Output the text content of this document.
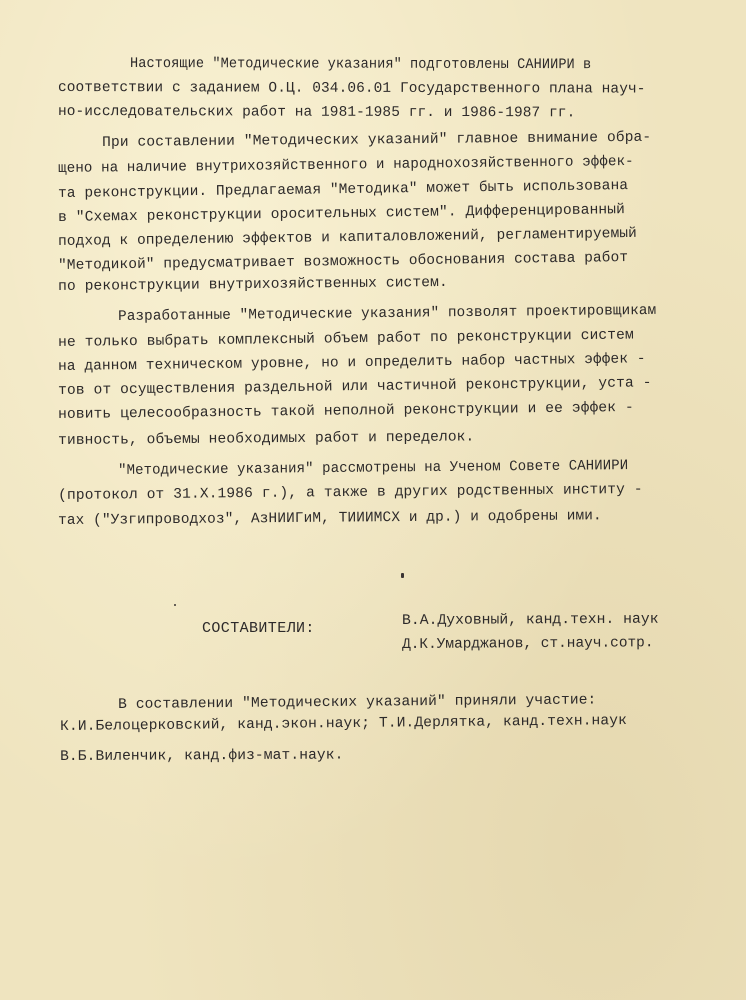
Настоящие "Методические указания" подготовлены САНИИРИ в
соответствии с заданием О.Ц. 034.06.01 Государственного плана науч-
но-исследовательских работ на 1981-1985 гг. и 1986-1987 гг.
При составлении "Методических указаний" главное внимание обра-
щено на наличие внутрихозяйственного и народнохозяйственного эффек-
та реконструкции. Предлагаемая "Методика" может быть использована
в "Схемах реконструкции оросительных систем". Дифференцированный
подход к определению эффектов и капиталовложений, регламентируемый
"Методикой" предусматривает возможность обоснования состава работ
по реконструкции внутрихозяйственных систем.
Разработанные "Методические указания" позволят проектировщикам
не только выбрать комплексный объем работ по реконструкции систем
на данном техническом уровне, но и определить набор частных эффек -
тов от осуществления раздельной или частичной реконструкции, уста -
новить целесообразность такой неполной реконструкции и ее эффек -
тивность, объемы необходимых работ и переделок.
"Методические указания" рассмотрены на Ученом Совете САНИИРИ
(протокол от 31.Х.1986 г.), а также в других родственных институ -
тах ("Узгипроводхоз", АзНИИГиМ, ТИИИМСХ и др.) и одобрены ими.
СОСТАВИТЕЛИ:	В.А.Духовный, канд.техн. наук
Д.К.Умарджанов, ст.науч.сотр.
В составлении "Методических указаний" приняли участие:
К.И.Белоцерковский, канд.экон.наук; Т.И.Дерлятка, канд.техн.наук
В.Б.Виленчик, канд.физ-мат.наук.
